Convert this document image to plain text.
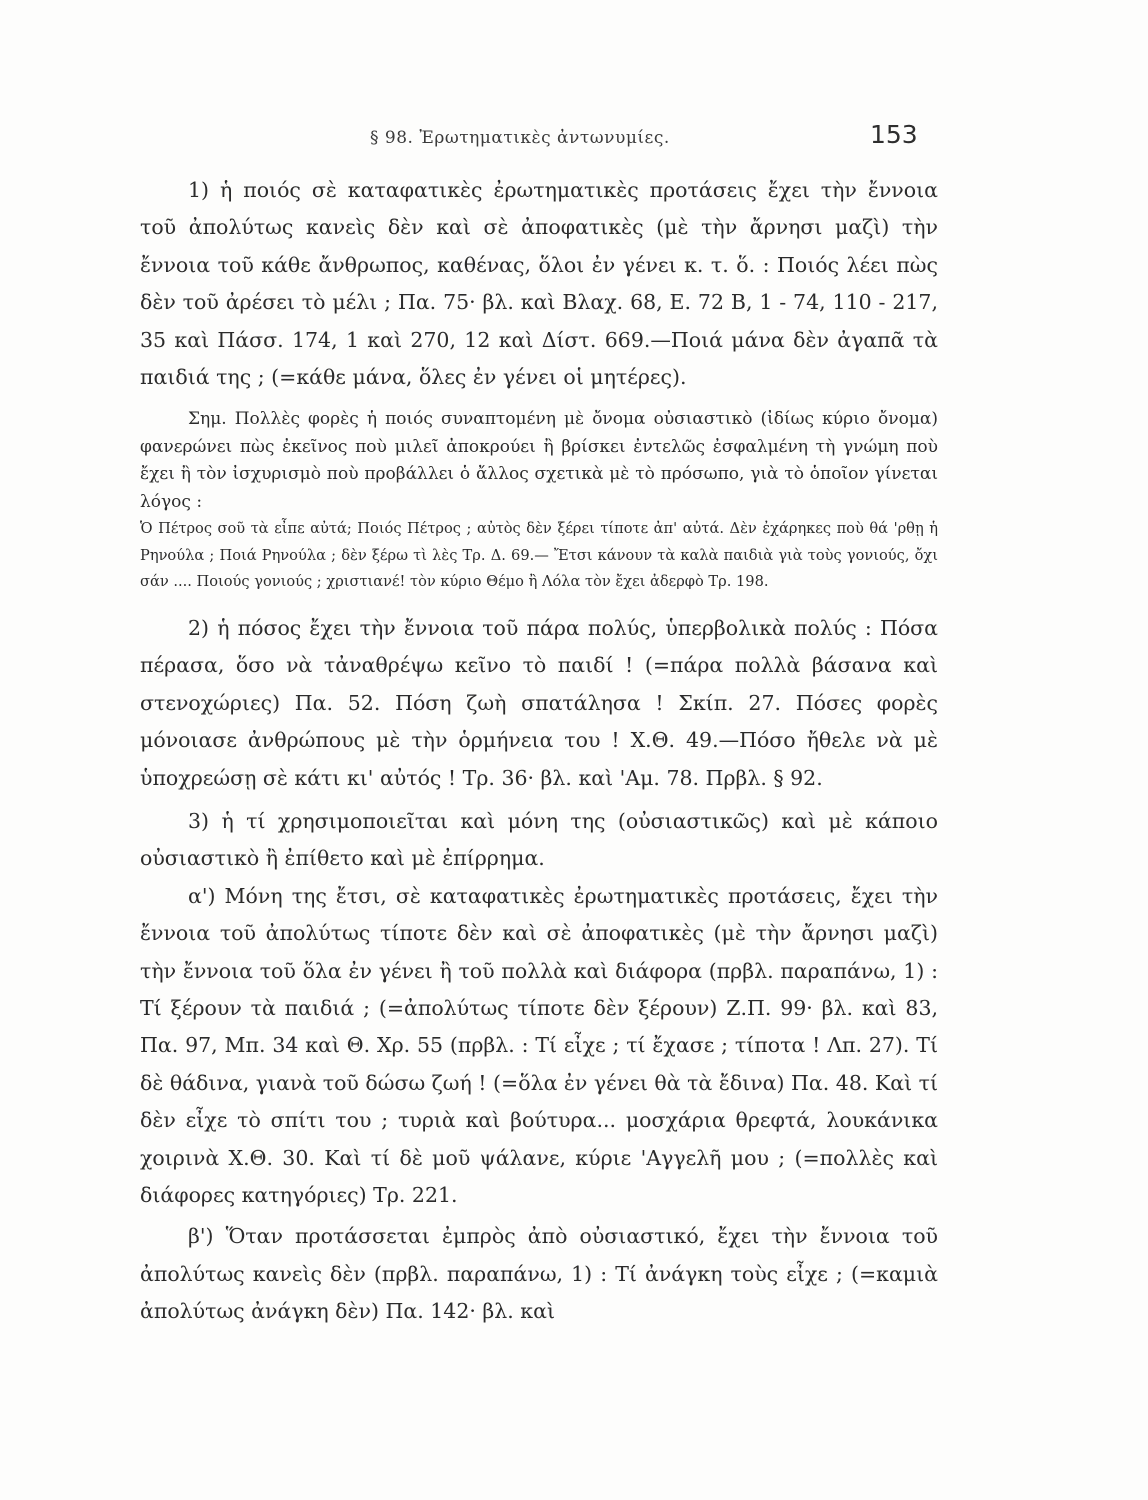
§ 98. Ἐρωτηματικὲς ἀντωνυμίες.	153

1) ἡ ποιός σὲ καταφατικὲς ἐρωτηματικὲς προτάσεις ἔχει τὴν ἔννοια τοῦ ἀπολύτως κανεὶς δὲν καὶ σὲ ἀποφατικὲς (μὲ τὴν ἄρνησι μαζὶ) τὴν ἔννοια τοῦ κάθε ἄνθρωπος, καθένας, ὅλοι ἐν γένει κ. τ. ὅ. : Ποιός λέει πὼς δὲν τοῦ ἀρέσει τὸ μέλι ; Πα. 75· βλ. καὶ Βλαχ. 68, Ε. 72 Β, 1 - 74, 110 - 217, 35 καὶ Πάσσ. 174, 1 καὶ 270, 12 καὶ Δίστ. 669.—Ποιά μάνα δὲν ἀγαπᾶ τὰ παιδιά της ; (=κάθε μάνα, ὅλες ἐν γένει οἱ μητέρες).

Σημ. Πολλὲς φορὲς ἡ ποιός συναπτομένη μὲ ὄνομα οὐσιαστικὸ (ἰδίως κύριο ὄνομα) φανερώνει πὼς ἐκεῖνος ποὺ μιλεῖ ἀποκρούει ἢ βρίσκει ἐντελῶς ἐσφαλμένη τὴ γνώμη ποὺ ἔχει ἢ τὸν ἰσχυρισμὸ ποὺ προβάλλει ὁ ἄλλος σχετικὰ μὲ τὸ πρόσωπο, γιὰ τὸ ὁποῖον γίνεται λόγος :

Ὁ Πέτρος σοῦ τὰ εἶπε αὐτά; Ποιός Πέτρος ; αὐτὸς δὲν ξέρει τίποτε ἀπ' αὐτά. Δὲν ἐχάρηκες ποὺ θά 'ρθῃ ἡ Ρηνούλα ; Ποιά Ρηνούλα ; δὲν ξέρω τὶ λὲς Τρ. Δ. 69.— Ἔτσι κάνουν τὰ καλὰ παιδιὰ γιὰ τοὺς γονιούς, ὄχι σάν .... Ποιούς γονιούς ; χριστιανέ! τὸν κύριο Θέμο ἢ Λόλα τὸν ἔχει ἀδερφὸ Τρ. 198.

2) ἡ πόσος ἔχει τὴν ἔννοια τοῦ πάρα πολύς, ὑπερβολικὰ πολύς : Πόσα πέρασα, ὅσο νὰ τἀναθρέψω κεῖνο τὸ παιδί ! (=πάρα πολλὰ βάσανα καὶ στενοχώριες) Πα. 52. Πόση ζωὴ σπατάλησα ! Σκίπ. 27. Πόσες φορὲς μόνοιασε ἀνθρώπους μὲ τὴν ὁρμήνεια του ! Χ.Θ. 49.—Πόσο ἤθελε νὰ μὲ ὑποχρεώσῃ σὲ κάτι κι' αὐτός ! Τρ. 36· βλ. καὶ 'Αμ. 78. Πρβλ. § 92.

3) ἡ τί χρησιμοποιεῖται καὶ μόνη της (οὐσιαστικῶς) καὶ μὲ κάποιο οὐσιαστικὸ ἢ ἐπίθετο καὶ μὲ ἐπίρρημα.

α') Μόνη της ἔτσι, σὲ καταφατικὲς ἐρωτηματικὲς προτάσεις, ἔχει τὴν ἔννοια τοῦ ἀπολύτως τίποτε δὲν καὶ σὲ ἀποφατικὲς (μὲ τὴν ἄρνησι μαζὶ) τὴν ἔννοια τοῦ ὅλα ἐν γένει ἢ τοῦ πολλὰ καὶ διάφορα (πρβλ. παραπάνω, 1) : Τί ξέρουν τὰ παιδιά ; (=ἀπολύτως τίποτε δὲν ξέρουν) Ζ.Π. 99· βλ. καὶ 83, Πα. 97, Μπ. 34 καὶ Θ. Χρ. 55 (πρβλ. : Τί εἶχε ; τί ἔχασε ; τίποτα ! Λπ. 27). Τί δὲ θάδινα, γιανὰ τοῦ δώσω ζωή ! (=ὅλα ἐν γένει θὰ τὰ ἔδινα) Πα. 48. Καὶ τί δὲν εἶχε τὸ σπίτι του ; τυριὰ καὶ βούτυρα... μοσχάρια θρεφτά, λουκάνικα χοιρινὰ Χ.Θ. 30. Καὶ τί δὲ μοῦ ψάλανε, κύριε 'Αγγελῆ μου ; (=πολλὲς καὶ διάφορες κατηγόριες) Τρ. 221.

β') Ὅταν προτάσσεται ἐμπρὸς ἀπὸ οὐσιαστικό, ἔχει τὴν ἔννοια τοῦ ἀπολύτως κανεὶς δὲν (πρβλ. παραπάνω, 1) : Τί ἀνάγκη τοὺς εἶχε ; (=καμιὰ ἀπολύτως ἀνάγκη δὲν) Πα. 142· βλ. καὶ
